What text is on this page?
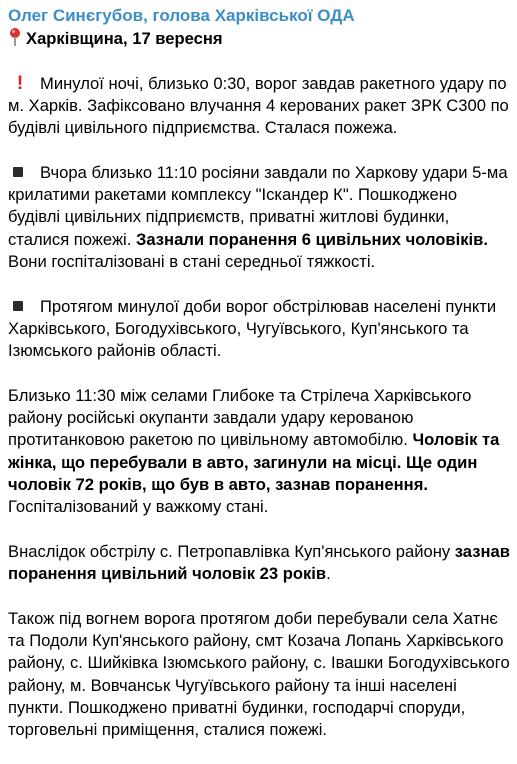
Олег Синєгубов, голова Харківської ОДА
Харківщина, 17 вересня
! Минулої ночі, близько 0:30, ворог завдав ракетного удару по м. Харків. Зафіксовано влучання 4 керованих ракет ЗРК С300 по будівлі цивільного підприємства. Сталася пожежа.
Вчора близько 11:10 росіяни завдали по Харкову удари 5-ма крилатими ракетами комплексу "Іскандер К". Пошкоджено будівлі цивільних підприємств, приватні житлові будинки, сталися пожежі. Зазнали поранення 6 цивільних чоловіків. Вони госпіталізовані в стані середньої тяжкості.
Протягом минулої доби ворог обстрілював населені пункти Харківського, Богодухівського, Чугуївського, Куп'янського та Ізюмського районів області.
Близько 11:30 між селами Глибоке та Стрілеча Харківського району російські окупанти завдали удару керованою протитанковою ракетою по цивільному автомобілю. Чоловік та жінка, що перебували в авто, загинули на місці. Ще один чоловік 72 років, що був в авто, зазнав поранення. Госпіталізований у важкому стані.
Внаслідок обстрілу с. Петропавлівка Куп'янського району зазнав поранення цивільний чоловік 23 років.
Також під вогнем ворога протягом доби перебували села Хатнє та Подоли Куп'янського району, смт Козача Лопань Харківського району, с. Шийківка Ізюмського району, с. Івашки Богодухівського району, м. Вовчанськ Чугуївського району та інші населені пункти. Пошкоджено приватні будинки, господарчі споруди, торговельні приміщення, сталися пожежі.
